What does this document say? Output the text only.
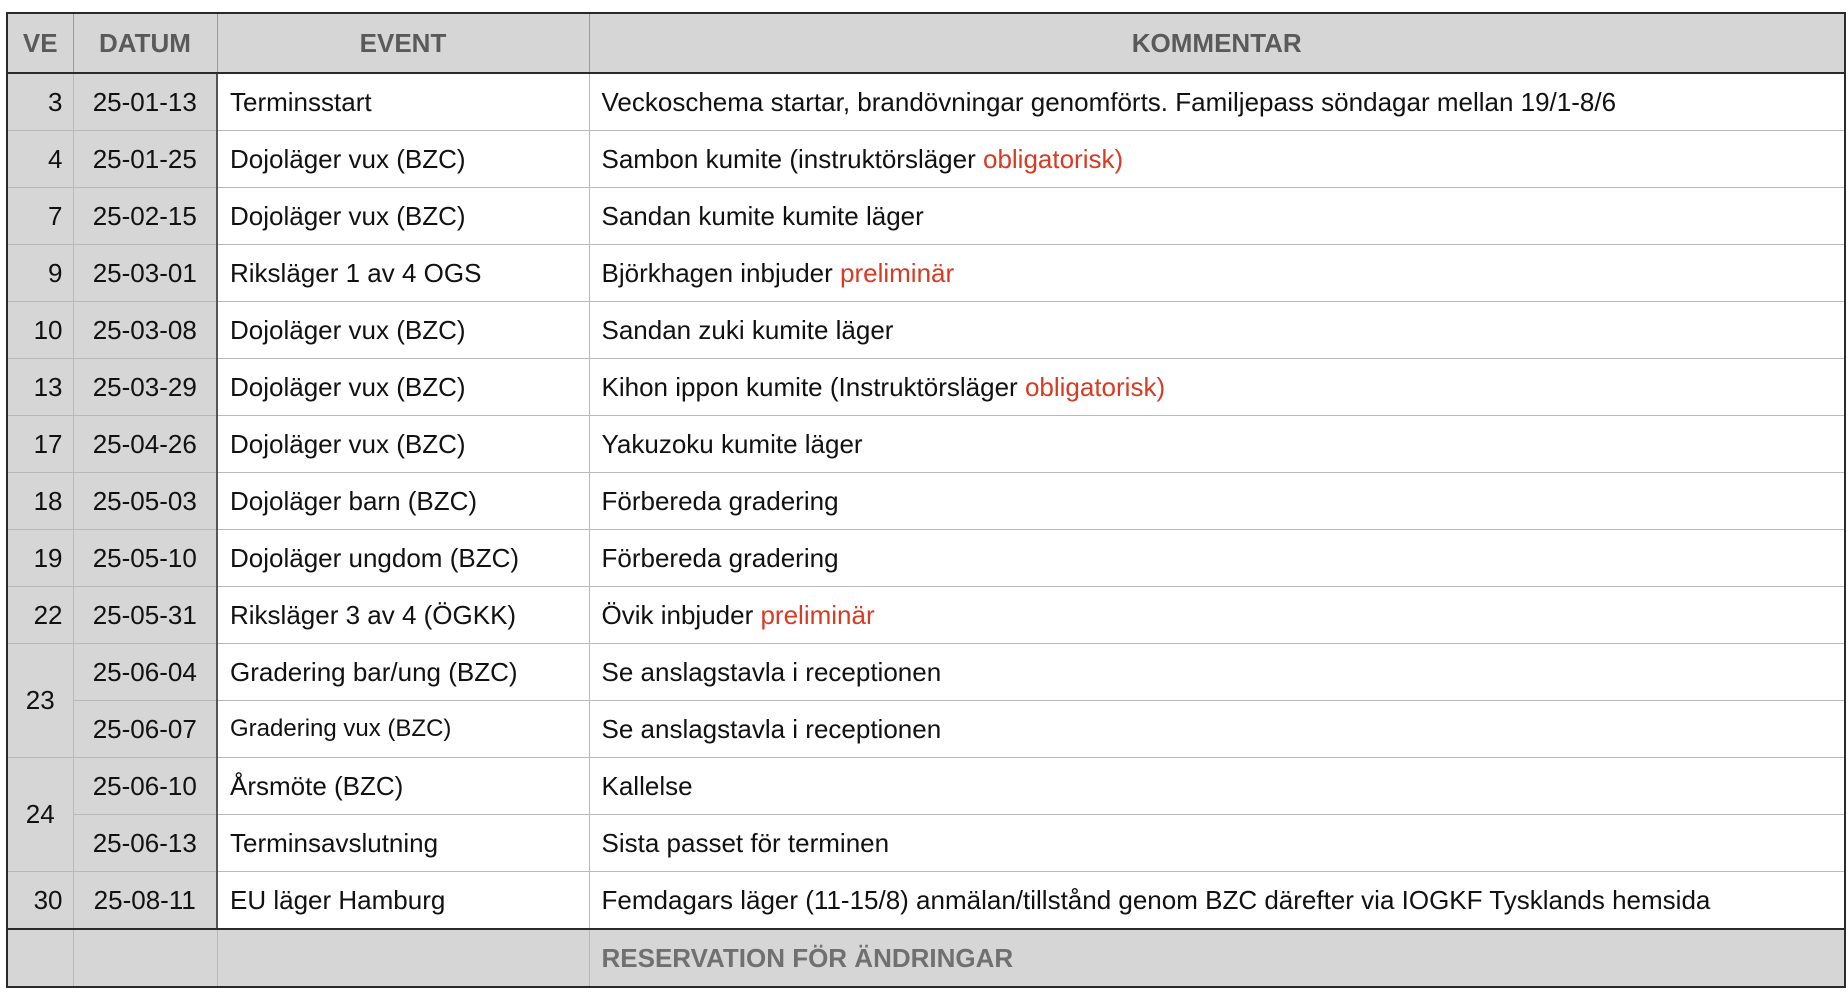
VE	DATUM	EVENT	KOMMENTAR
3	25-01-13	Terminsstart	Veckoschema startar, brandövningar genomförts. Familjepass söndagar mellan 19/1-8/6
4	25-01-25	Dojoläger vux (BZC)	Sambon kumite (instruktörsläger obligatorisk)
7	25-02-15	Dojoläger vux (BZC)	Sandan kumite kumite läger
9	25-03-01	Riksläger 1 av 4 OGS	Björkhagen inbjuder preliminär
10	25-03-08	Dojoläger vux (BZC)	Sandan zuki kumite läger
13	25-03-29	Dojoläger vux (BZC)	Kihon ippon kumite (Instruktörsläger obligatorisk)
17	25-04-26	Dojoläger vux (BZC)	Yakuzoku kumite läger
18	25-05-03	Dojoläger barn (BZC)	Förbereda gradering
19	25-05-10	Dojoläger ungdom (BZC)	Förbereda gradering
22	25-05-31	Riksläger 3 av 4 (ÖGKK)	Övik inbjuder preliminär
23	25-06-04	Gradering bar/ung (BZC)	Se anslagstavla i receptionen
	25-06-07	Gradering vux (BZC)	Se anslagstavla i receptionen
24	25-06-10	Årsmöte (BZC)	Kallelse
	25-06-13	Terminsavslutning	Sista passet för terminen
30	25-08-11	EU läger Hamburg	Femdagars läger (11-15/8) anmälan/tillstånd genom BZC därefter via IOGKF Tysklands hemsida
			RESERVATION FÖR ÄNDRINGAR
